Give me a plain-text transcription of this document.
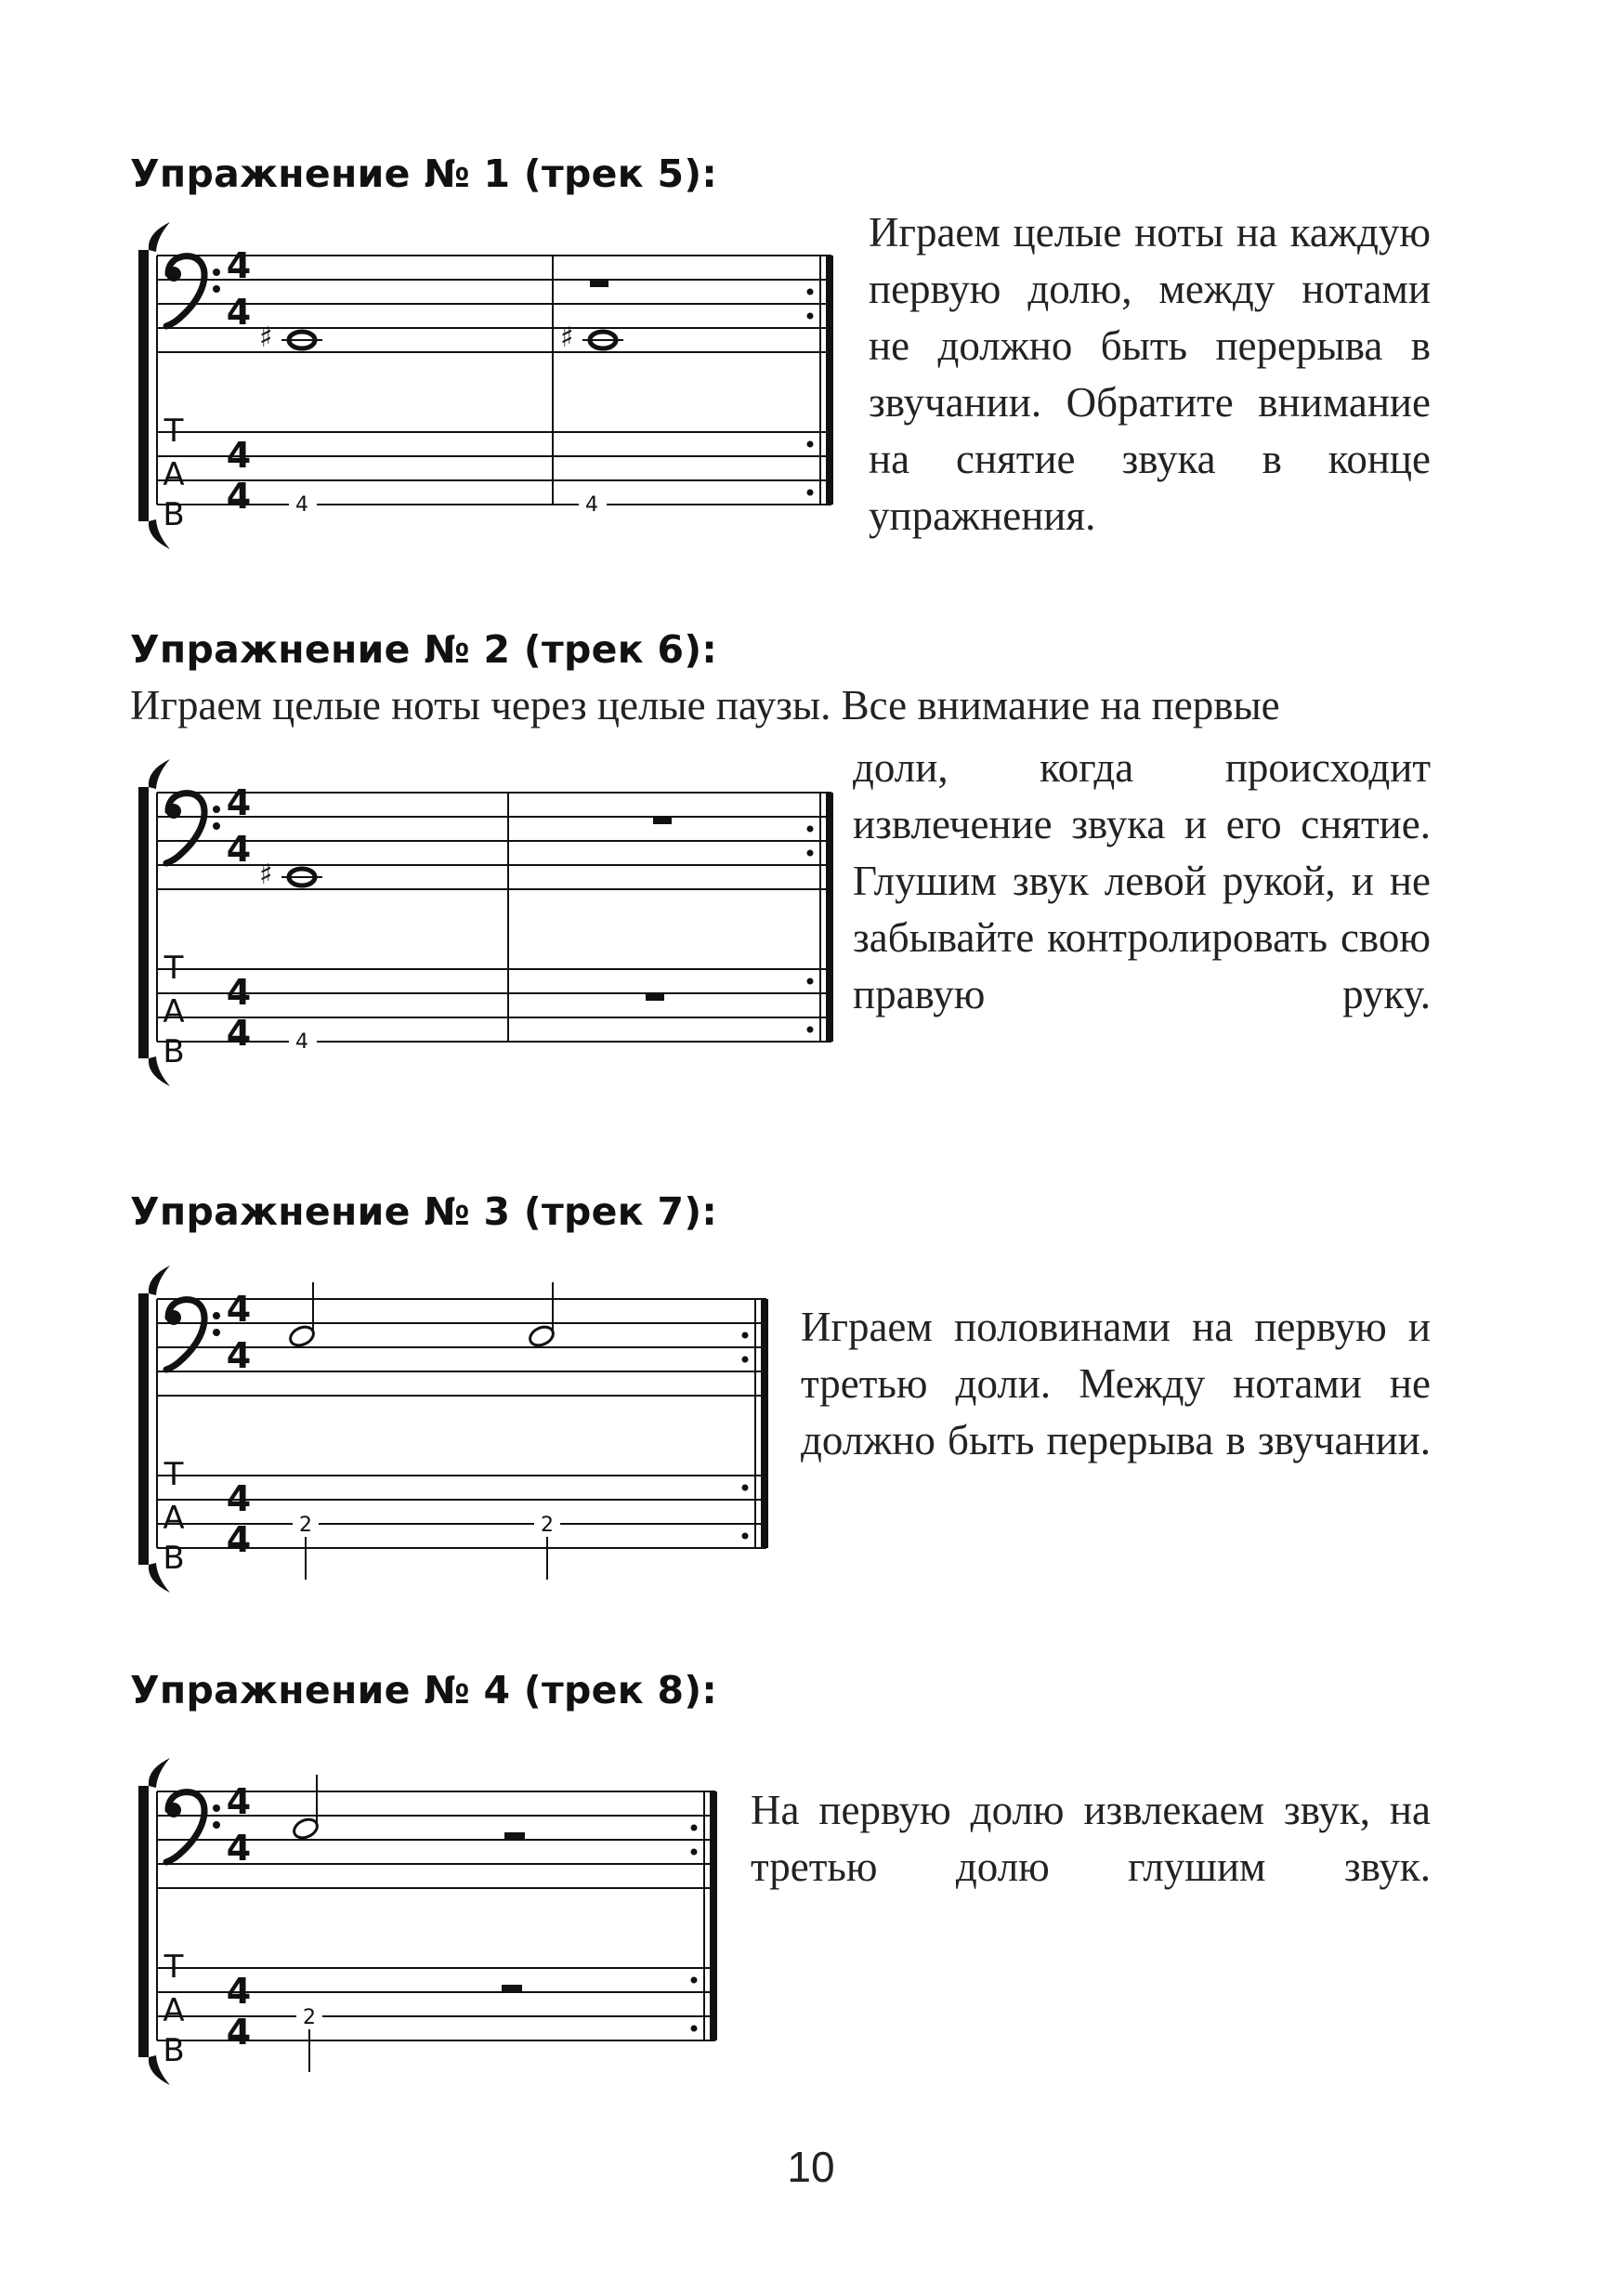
Упражнение № 1 (трек 5):

Играем целые ноты на каждую первую долю, между нотами не должно быть перерыва в звучании. Обратите внимание на снятие звука в конце упражнения.

4
4
T
A
B
4
4
♯	♯
4	4
Упражнение № 2 (трек 6):

Играем целые ноты через целые паузы. Все внимание на первые

доли, когда происходит извлечение звука и его снятие. Глушим звук левой рукой, и не забывайте контролировать свою правую руку.

4
4
T
A
B
4
4
♯
4
Упражнение № 3 (трек 7):

Играем половинами на первую и третью доли. Между нотами не должно быть перерыва в звучании.

4
4
T
A
B
4
4 2	2
Упражнение № 4 (трек 8):

На первую долю извлекаем звук, на третью долю глушим звук.

4
4
T
A
B
4
4	2

10
